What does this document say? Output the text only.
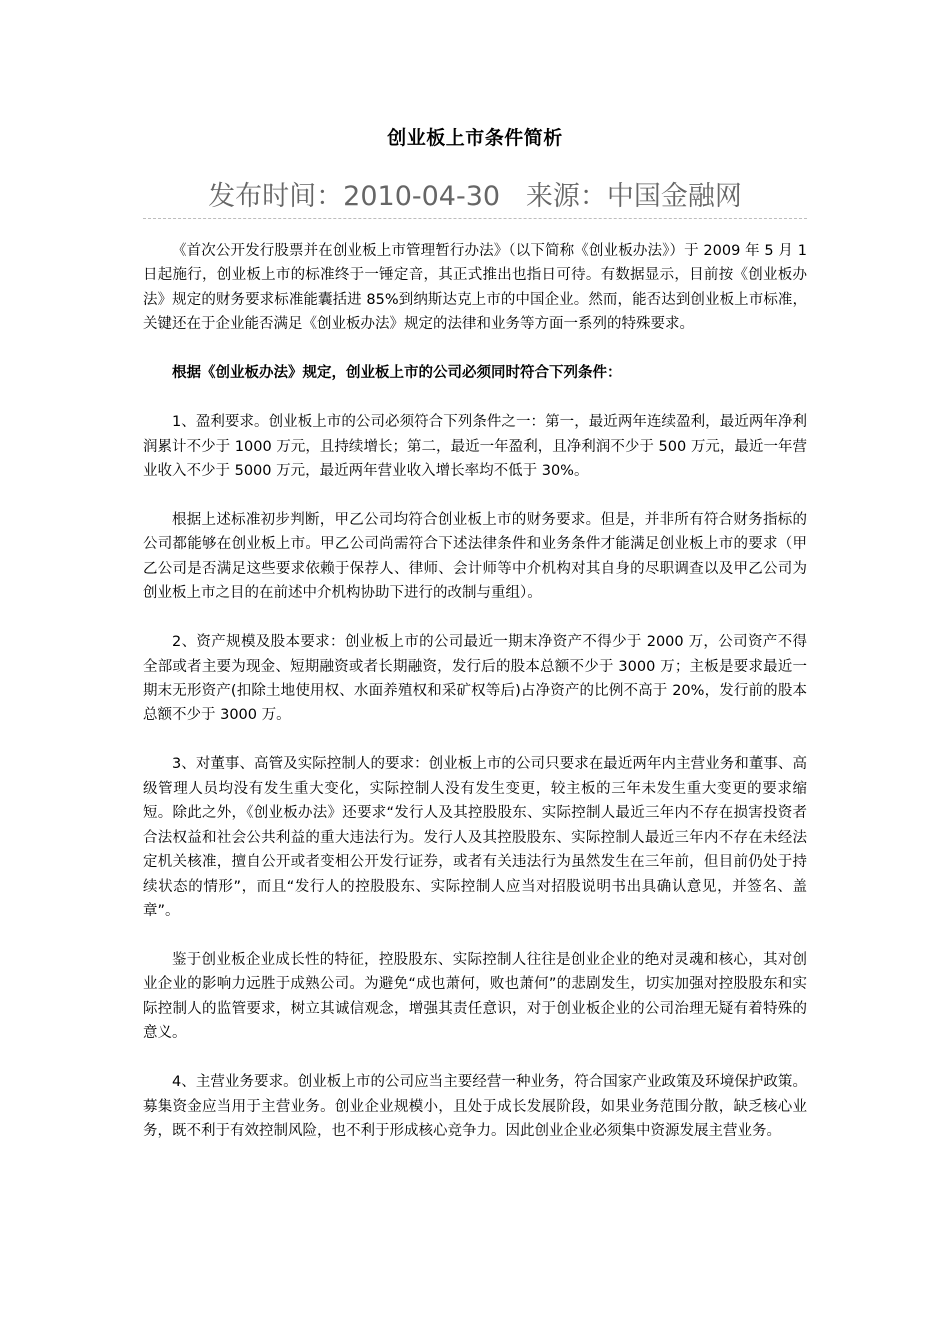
创业板上市条件简析
发布时间：2010-04-30   来源：中国金融网

《首次公开发行股票并在创业板上市管理暂行办法》（以下简称《创业板办法》）于 2009 年 5 月 1 日起施行，创业板上市的标准终于一锤定音，其正式推出也指日可待。有数据显示，目前按《创业板办法》规定的财务要求标准能囊括进 85%到纳斯达克上市的中国企业。然而，能否达到创业板上市标准，关键还在于企业能否满足《创业板办法》规定的法律和业务等方面一系列的特殊要求。

根据《创业板办法》规定，创业板上市的公司必须同时符合下列条件：

1、盈利要求。创业板上市的公司必须符合下列条件之一：第一，最近两年连续盈利，最近两年净利润累计不少于 1000 万元，且持续增长；第二，最近一年盈利，且净利润不少于 500 万元，最近一年营业收入不少于 5000 万元，最近两年营业收入增长率均不低于 30%。

根据上述标准初步判断，甲乙公司均符合创业板上市的财务要求。但是，并非所有符合财务指标的公司都能够在创业板上市。甲乙公司尚需符合下述法律条件和业务条件才能满足创业板上市的要求（甲乙公司是否满足这些要求依赖于保荐人、律师、会计师等中介机构对其自身的尽职调查以及甲乙公司为创业板上市之目的在前述中介机构协助下进行的改制与重组）。

2、资产规模及股本要求：创业板上市的公司最近一期末净资产不得少于 2000 万，公司资产不得全部或者主要为现金、短期融资或者长期融资，发行后的股本总额不少于 3000 万；主板是要求最近一期末无形资产(扣除土地使用权、水面养殖权和采矿权等后)占净资产的比例不高于 20%，发行前的股本总额不少于 3000 万。

3、对董事、高管及实际控制人的要求：创业板上市的公司只要求在最近两年内主营业务和董事、高级管理人员均没有发生重大变化，实际控制人没有发生变更，较主板的三年未发生重大变更的要求缩短。除此之外，《创业板办法》还要求“发行人及其控股股东、实际控制人最近三年内不存在损害投资者合法权益和社会公共利益的重大违法行为。发行人及其控股股东、实际控制人最近三年内不存在未经法定机关核准，擅自公开或者变相公开发行证券，或者有关违法行为虽然发生在三年前，但目前仍处于持续状态的情形”，而且“发行人的控股股东、实际控制人应当对招股说明书出具确认意见，并签名、盖章”。

鉴于创业板企业成长性的特征，控股股东、实际控制人往往是创业企业的绝对灵魂和核心，其对创业企业的影响力远胜于成熟公司。为避免“成也萧何，败也萧何”的悲剧发生，切实加强对控股股东和实际控制人的监管要求，树立其诚信观念，增强其责任意识，对于创业板企业的公司治理无疑有着特殊的意义。

4、主营业务要求。创业板上市的公司应当主要经营一种业务，符合国家产业政策及环境保护政策。募集资金应当用于主营业务。创业企业规模小，且处于成长发展阶段，如果业务范围分散，缺乏核心业务，既不利于有效控制风险，也不利于形成核心竞争力。因此创业企业必须集中资源发展主营业务。
